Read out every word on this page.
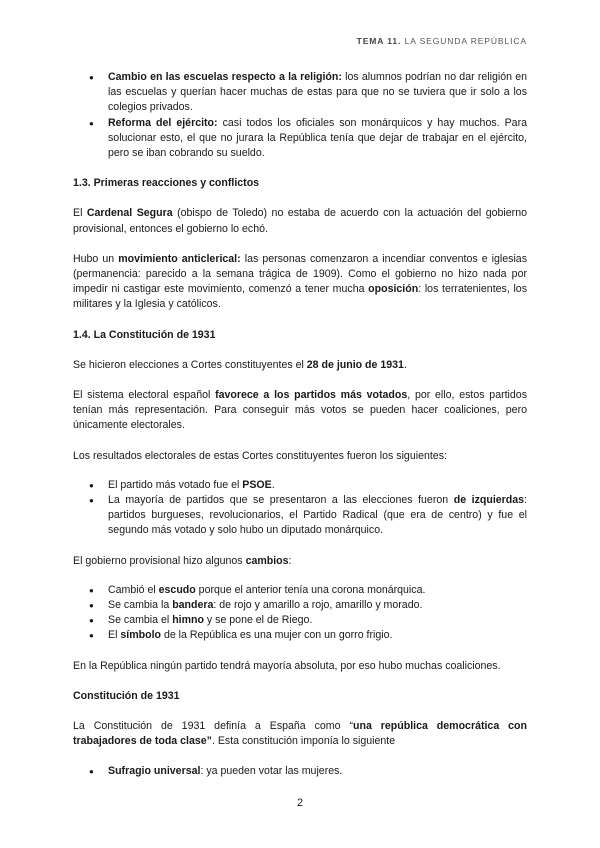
TEMA 11. LA SEGUNDA REPÚBLICA
● Cambio en las escuelas respecto a la religión: los alumnos podrían no dar religión en las escuelas y querían hacer muchas de estas para que no se tuviera que ir solo a los colegios privados.
● Reforma del ejército: casi todos los oficiales son monárquicos y hay muchos. Para solucionar esto, el que no jurara la República tenía que dejar de trabajar en el ejército, pero se iban cobrando su sueldo.
1.3. Primeras reacciones y conflictos

El Cardenal Segura (obispo de Toledo) no estaba de acuerdo con la actuación del gobierno provisional, entonces el gobierno lo echó.

Hubo un movimiento anticlerical: las personas comenzaron a incendiar conventos e iglesias (permanencia: parecido a la semana trágica de 1909). Como el gobierno no hizo nada por impedir ni castigar este movimiento, comenzó a tener mucha oposición: los terratenientes, los militares y la Iglesia y católicos.

1.4. La Constitución de 1931

Se hicieron elecciones a Cortes constituyentes el 28 de junio de 1931.

El sistema electoral español favorece a los partidos más votados, por ello, estos partidos tenían más representación. Para conseguir más votos se pueden hacer coaliciones, pero únicamente electorales.

Los resultados electorales de estas Cortes constituyentes fueron los siguientes:

● El partido más votado fue el PSOE.
● La mayoría de partidos que se presentaron a las elecciones fueron de izquierdas: partidos burgueses, revolucionarios, el Partido Radical (que era de centro) y fue el segundo más votado y solo hubo un diputado monárquico.

El gobierno provisional hizo algunos cambios:

● Cambió el escudo porque el anterior tenía una corona monárquica.
● Se cambia la bandera: de rojo y amarillo a rojo, amarillo y morado.
● Se cambia el himno y se pone el de Riego.
● El símbolo de la República es una mujer con un gorro frigio.

En la República ningún partido tendrá mayoría absoluta, por eso hubo muchas coaliciones.

Constitución de 1931

La Constitución de 1931 definía a España como “una república democrática con trabajadores de toda clase”. Esta constitución imponía lo siguiente

● Sufragio universal: ya pueden votar las mujeres.
2
